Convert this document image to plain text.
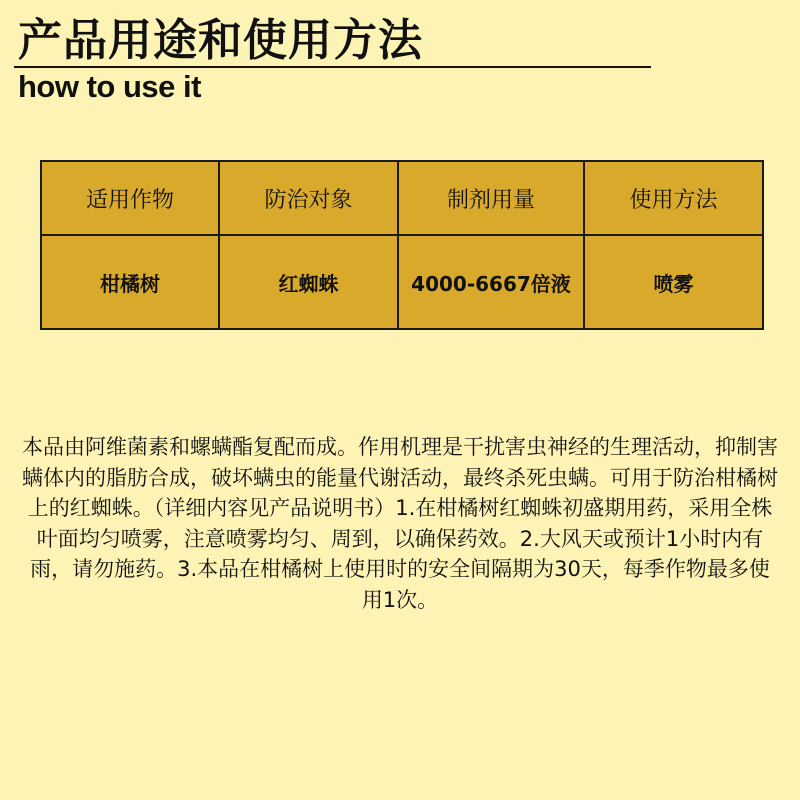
产品用途和使用方法
how to use it
适用作物	防治对象	制剂用量	使用方法
柑橘树	红蜘蛛	4000-6667倍液	喷雾

本品由阿维菌素和螺螨酯复配而成。作用机理是干扰害虫神经的生理活动，抑制害螨体内的脂肪合成，破坏螨虫的能量代谢活动，最终杀死虫螨。可用于防治柑橘树上的红蜘蛛。（详细内容见产品说明书）1.在柑橘树红蜘蛛初盛期用药，采用全株叶面均匀喷雾，注意喷雾均匀、周到，以确保药效。2.大风天或预计1小时内有雨，请勿施药。3.本品在柑橘树上使用时的安全间隔期为30天，每季作物最多使用1次。
